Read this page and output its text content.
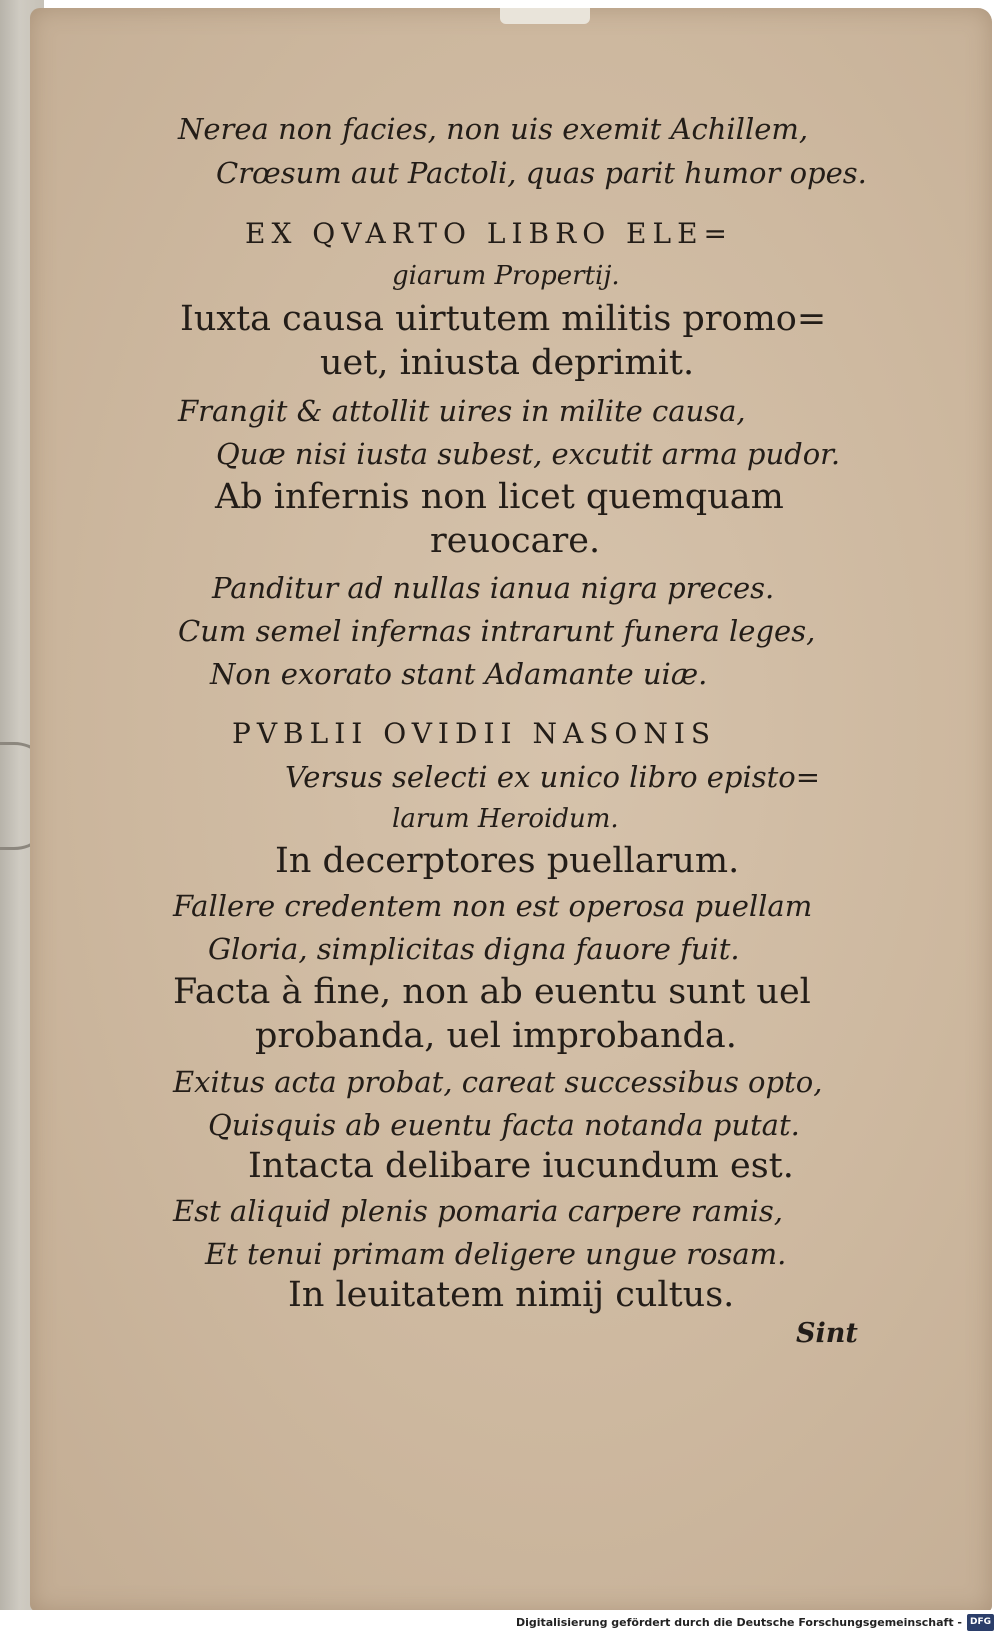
Nerea non facies, non uis exemit Achillem,
Crœsum aut Pactoli, quas parit humor opes.
EX QVARTO LIBRO ELE=
giarum Propertij.
Iuxta causa uirtutem militis promo=
uet, iniusta deprimit.
Frangit & attollit uires in milite causa,
Quæ nisi iusta subest, excutit arma pudor.
Ab infernis non licet quemquam
reuocare.
Panditur ad nullas ianua nigra preces.
Cum semel infernas intrarunt funera leges,
Non exorato stant Adamante uiæ.
PVBLII OVIDII NASONIS
Versus selecti ex unico libro episto=
larum Heroidum.
In decerptores puellarum.
Fallere credentem non est operosa puellam
Gloria, simplicitas digna fauore fuit.
Facta à fine, non ab euentu sunt uel
probanda, uel improbanda.
Exitus acta probat, careat successibus opto,
Quisquis ab euentu facta notanda putat.
Intacta delibare iucundum est.
Est aliquid plenis pomaria carpere ramis,
Et tenui primam deligere ungue rosam.
In leuitatem nimij cultus.
Sint
Digitalisierung gefördert durch die Deutsche Forschungsgemeinschaft - DFG
